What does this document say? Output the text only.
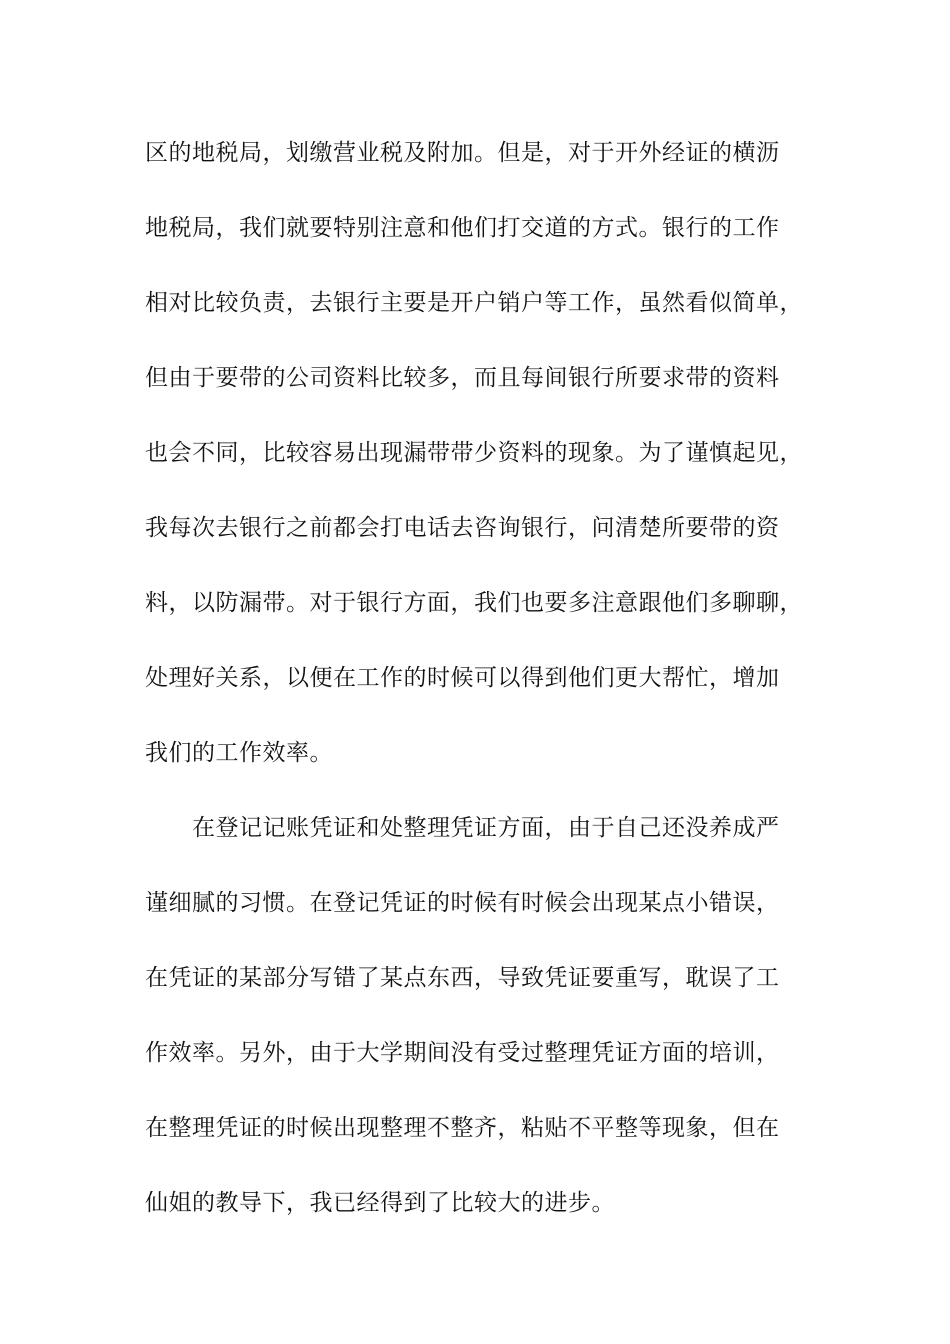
区的地税局，划缴营业税及附加。但是，对于开外经证的横沥
地税局，我们就要特别注意和他们打交道的方式。银行的工作
相对比较负责，去银行主要是开户销户等工作，虽然看似简单，
但由于要带的公司资料比较多，而且每间银行所要求带的资料
也会不同，比较容易出现漏带带少资料的现象。为了谨慎起见，
我每次去银行之前都会打电话去咨询银行，问清楚所要带的资
料，以防漏带。对于银行方面，我们也要多注意跟他们多聊聊，
处理好关系，以便在工作的时候可以得到他们更大帮忙，增加
我们的工作效率。
在登记记账凭证和处整理凭证方面，由于自己还没养成严
谨细腻的习惯。在登记凭证的时候有时候会出现某点小错误，
在凭证的某部分写错了某点东西，导致凭证要重写，耽误了工
作效率。另外，由于大学期间没有受过整理凭证方面的培训，
在整理凭证的时候出现整理不整齐，粘贴不平整等现象，但在
仙姐的教导下，我已经得到了比较大的进步。
